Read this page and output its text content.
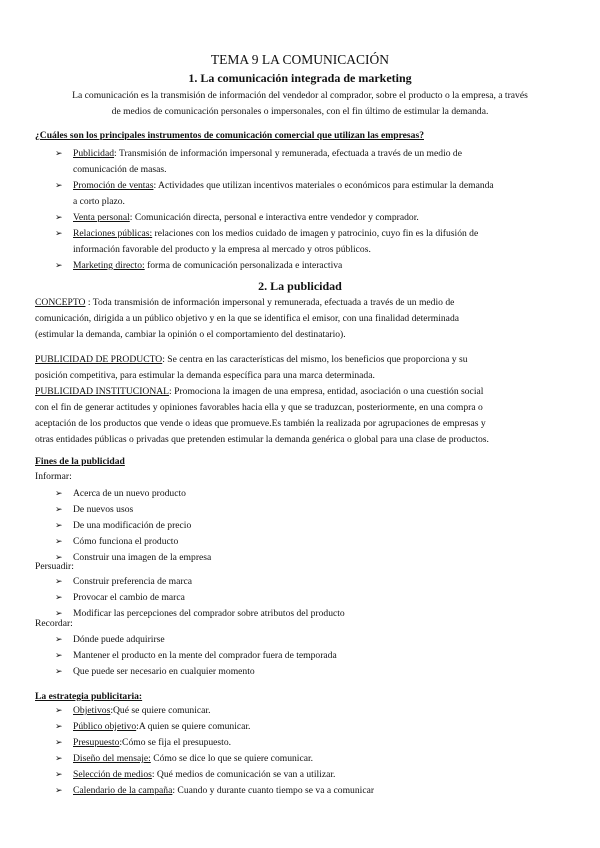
TEMA 9 LA COMUNICACIÓN
1. La comunicación integrada de marketing
La comunicación es la transmisión de información del vendedor al comprador, sobre el producto o la empresa, a través
de medios de comunicación personales o impersonales, con el fin último de estimular la demanda.
¿Cuáles son los principales instrumentos de comunicación comercial que utilizan las empresas?
➢ Publicidad: Transmisión de información impersonal y remunerada, efectuada a través de un medio de
comunicación de masas.
➢ Promoción de ventas: Actividades que utilizan incentivos materiales o económicos para estimular la demanda
a corto plazo.
➢ Venta personal: Comunicación directa, personal e interactiva entre vendedor y comprador.
➢ Relaciones públicas: relaciones con los medios cuidado de imagen y patrocinio, cuyo fin es la difusión de
información favorable del producto y la empresa al mercado y otros públicos.
➢ Marketing directo: forma de comunicación personalizada e interactiva
2. La publicidad
CONCEPTO : Toda transmisión de información impersonal y remunerada, efectuada a través de un medio de
comunicación, dirigida a un público objetivo y en la que se identifica el emisor, con una finalidad determinada
(estimular la demanda, cambiar la opinión o el comportamiento del destinatario).
PUBLICIDAD DE PRODUCTO: Se centra en las características del mismo, los beneficios que proporciona y su
posición competitiva, para estimular la demanda específica para una marca determinada.
PUBLICIDAD INSTITUCIONAL: Promociona la imagen de una empresa, entidad, asociación o una cuestión social
con el fin de generar actitudes y opiniones favorables hacia ella y que se traduzcan, posteriormente, en una compra o
aceptación de los productos que vende o ideas que promueve.Es también la realizada por agrupaciones de empresas y
otras entidades públicas o privadas que pretenden estimular la demanda genérica o global para una clase de productos.
Fines de la publicidad
Informar:
➢ Acerca de un nuevo producto
➢ De nuevos usos
➢ De una modificación de precio
➢ Cómo funciona el producto
➢ Construir una imagen de la empresa
Persuadir:
➢ Construir preferencia de marca
➢ Provocar el cambio de marca
➢ Modificar las percepciones del comprador sobre atributos del producto
Recordar:
➢ Dónde puede adquirirse
➢ Mantener el producto en la mente del comprador fuera de temporada
➢ Que puede ser necesario en cualquier momento
La estrategia publicitaria:
➢ Objetivos:Qué se quiere comunicar.
➢ Público objetivo:A quien se quiere comunicar.
➢ Presupuesto:Cómo se fija el presupuesto.
➢ Diseño del mensaje: Cómo se dice lo que se quiere comunicar.
➢ Selección de medios: Qué medios de comunicación se van a utilizar.
➢ Calendario de la campaña: Cuando y durante cuanto tiempo se va a comunicar
